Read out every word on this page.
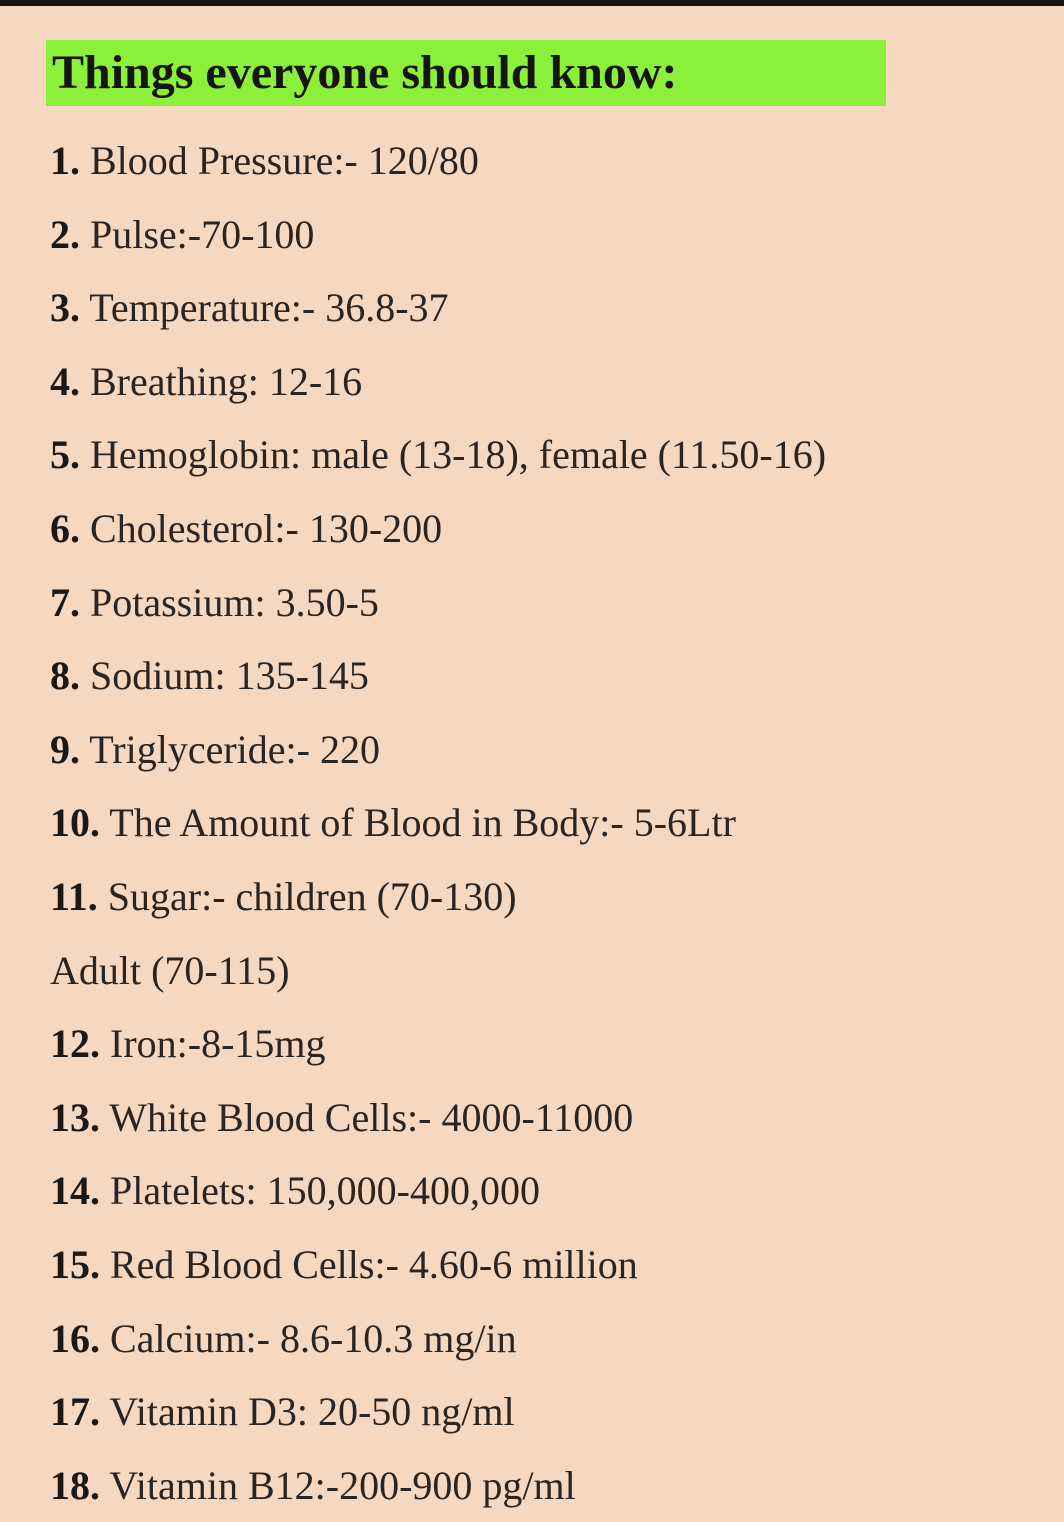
Things everyone should know:
1. Blood Pressure:- 120/80
2. Pulse:-70-100
3. Temperature:- 36.8-37
4. Breathing: 12-16
5. Hemoglobin: male (13-18), female (11.50-16)
6. Cholesterol:- 130-200
7. Potassium: 3.50-5
8. Sodium: 135-145
9. Triglyceride:- 220
10. The Amount of Blood in Body:- 5-6Ltr
11. Sugar:- children (70-130)
Adult (70-115)
12. Iron:-8-15mg
13. White Blood Cells:- 4000-11000
14. Platelets: 150,000-400,000
15. Red Blood Cells:- 4.60-6 million
16. Calcium:- 8.6-10.3 mg/in
17. Vitamin D3: 20-50 ng/ml
18. Vitamin B12:-200-900 pg/ml
